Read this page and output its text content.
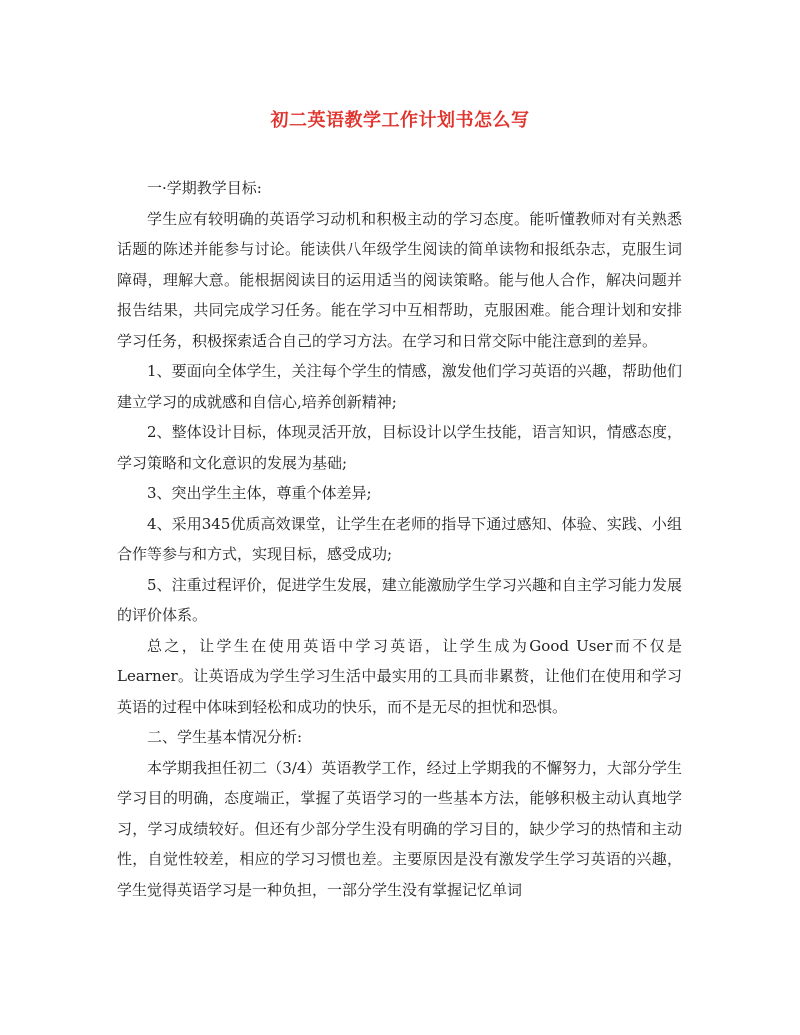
初二英语教学工作计划书怎么写

一·学期教学目标:

学生应有较明确的英语学习动机和积极主动的学习态度。能听懂教师对有关熟悉话题的陈述并能参与讨论。能读供八年级学生阅读的简单读物和报纸杂志，克服生词障碍，理解大意。能根据阅读目的运用适当的阅读策略。能与他人合作，解决问题并报告结果，共同完成学习任务。能在学习中互相帮助，克服困难。能合理计划和安排学习任务，积极探索适合自己的学习方法。在学习和日常交际中能注意到的差异。

1、要面向全体学生，关注每个学生的情感，激发他们学习英语的兴趣，帮助他们建立学习的成就感和自信心,培养创新精神;

2、整体设计目标，体现灵活开放，目标设计以学生技能，语言知识，情感态度，学习策略和文化意识的发展为基础;

3、突出学生主体，尊重个体差异;

4、采用345优质高效课堂，让学生在老师的指导下通过感知、体验、实践、小组合作等参与和方式，实现目标，感受成功;

5、注重过程评价，促进学生发展，建立能激励学生学习兴趣和自主学习能力发展的评价体系。

总之，让学生在使用英语中学习英语，让学生成为Good User而不仅是Learner。让英语成为学生学习生活中最实用的工具而非累赘，让他们在使用和学习英语的过程中体味到轻松和成功的快乐，而不是无尽的担忧和恐惧。

二、学生基本情况分析:

本学期我担任初二（3/4）英语教学工作，经过上学期我的不懈努力，大部分学生学习目的明确，态度端正，掌握了英语学习的一些基本方法，能够积极主动认真地学习，学习成绩较好。但还有少部分学生没有明确的学习目的，缺少学习的热情和主动性，自觉性较差，相应的学习习惯也差。主要原因是没有激发学生学习英语的兴趣，学生觉得英语学习是一种负担，一部分学生没有掌握记忆单词
